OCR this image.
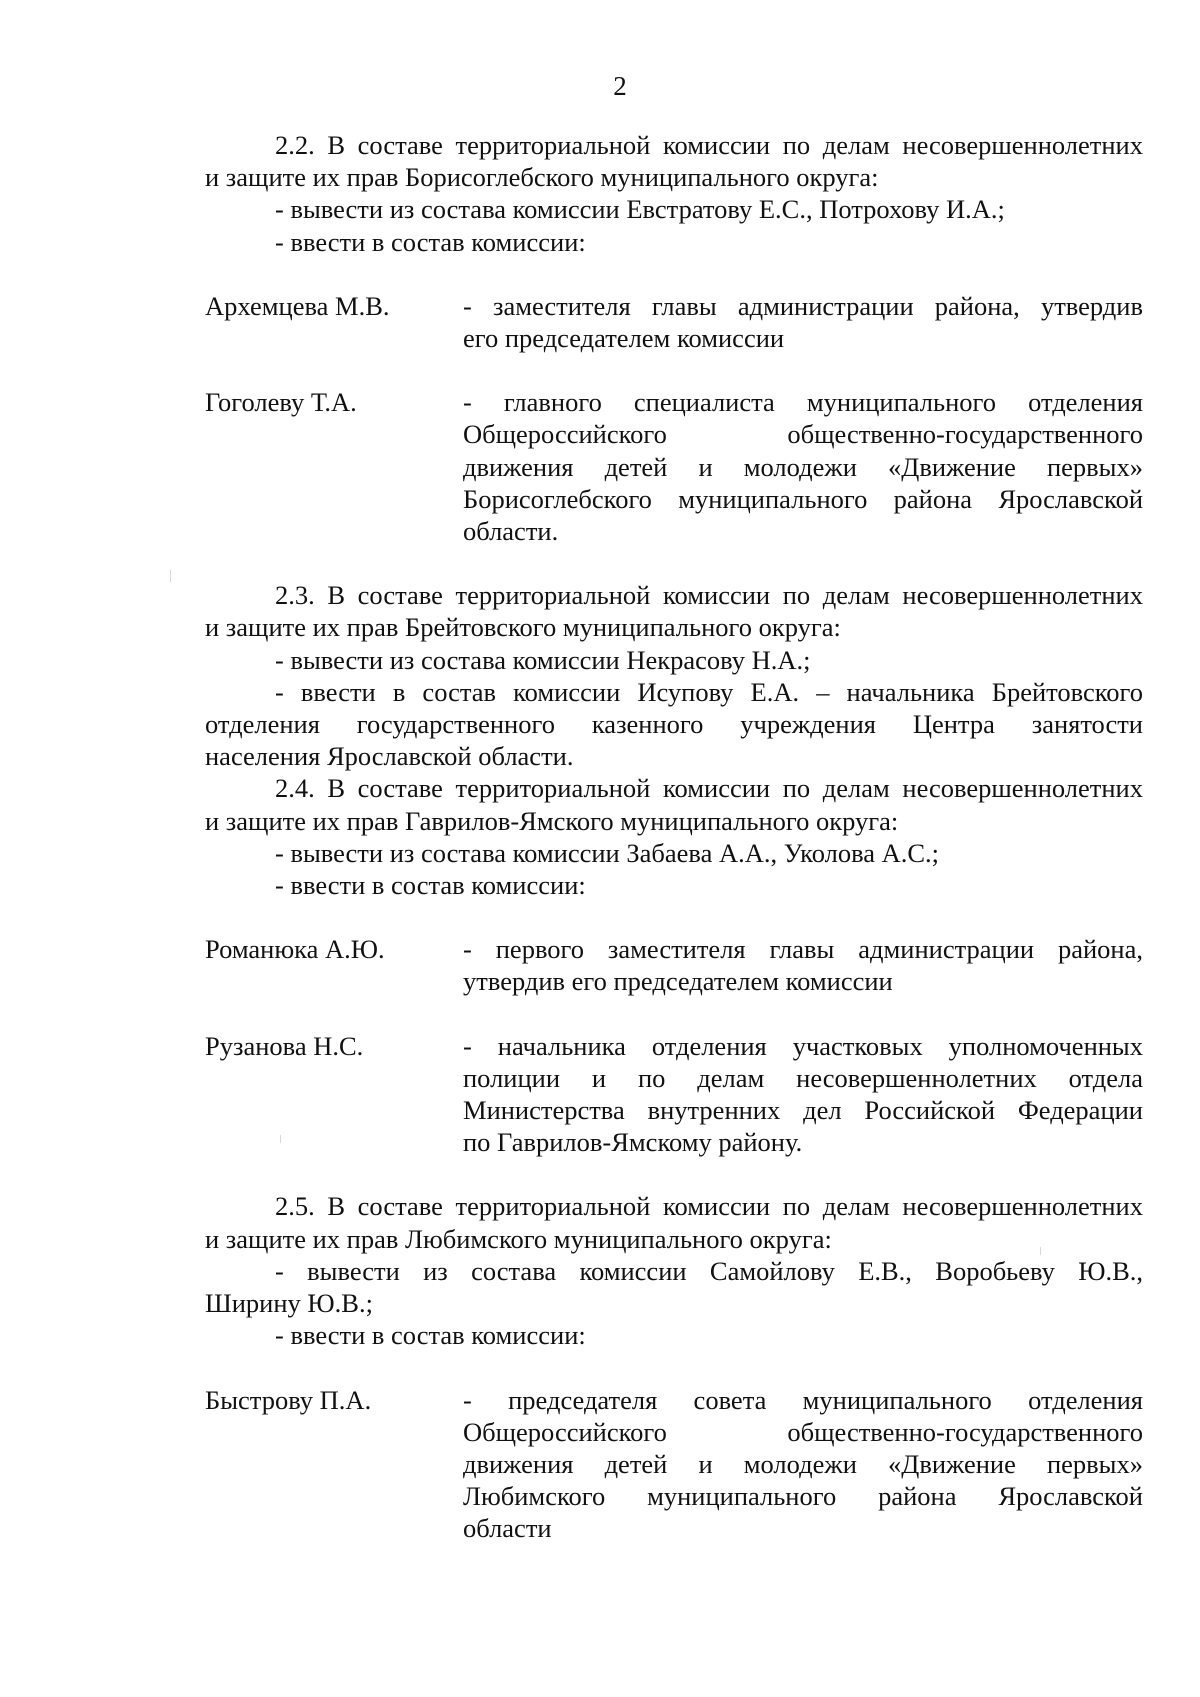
2
2.2. В составе территориальной комиссии по делам несовершеннолетних
и защите их прав Борисоглебского муниципального округа:
- вывести из состава комиссии Евстратову Е.С., Потрохову И.А.;
- ввести в состав комиссии:
Архемцева М.В.	- заместителя главы администрации района, утвердив
его председателем комиссии
Гоголеву Т.А.	- главного специалиста муниципального отделения
Общероссийского общественно-государственного
движения детей и молодежи «Движение первых»
Борисоглебского муниципального района Ярославской
области.
2.3. В составе территориальной комиссии по делам несовершеннолетних
и защите их прав Брейтовского муниципального округа:
- вывести из состава комиссии Некрасову Н.А.;
- ввести в состав комиссии Исупову Е.А. – начальника Брейтовского
отделения государственного казенного учреждения Центра занятости
населения Ярославской области.
2.4. В составе территориальной комиссии по делам несовершеннолетних
и защите их прав Гаврилов-Ямского муниципального округа:
- вывести из состава комиссии Забаева А.А., Уколова А.С.;
- ввести в состав комиссии:
Романюка А.Ю.	- первого заместителя главы администрации района,
утвердив его председателем комиссии
Рузанова Н.С.	- начальника отделения участковых уполномоченных
полиции и по делам несовершеннолетних отдела
Министерства внутренних дел Российской Федерации
по Гаврилов-Ямскому району.
2.5. В составе территориальной комиссии по делам несовершеннолетних
и защите их прав Любимского муниципального округа:
- вывести из состава комиссии Самойлову Е.В., Воробьеву Ю.В.,
Ширину Ю.В.;
- ввести в состав комиссии:
Быстрову П.А.	- председателя совета муниципального отделения
Общероссийского общественно-государственного
движения детей и молодежи «Движение первых»
Любимского муниципального района Ярославской
области
